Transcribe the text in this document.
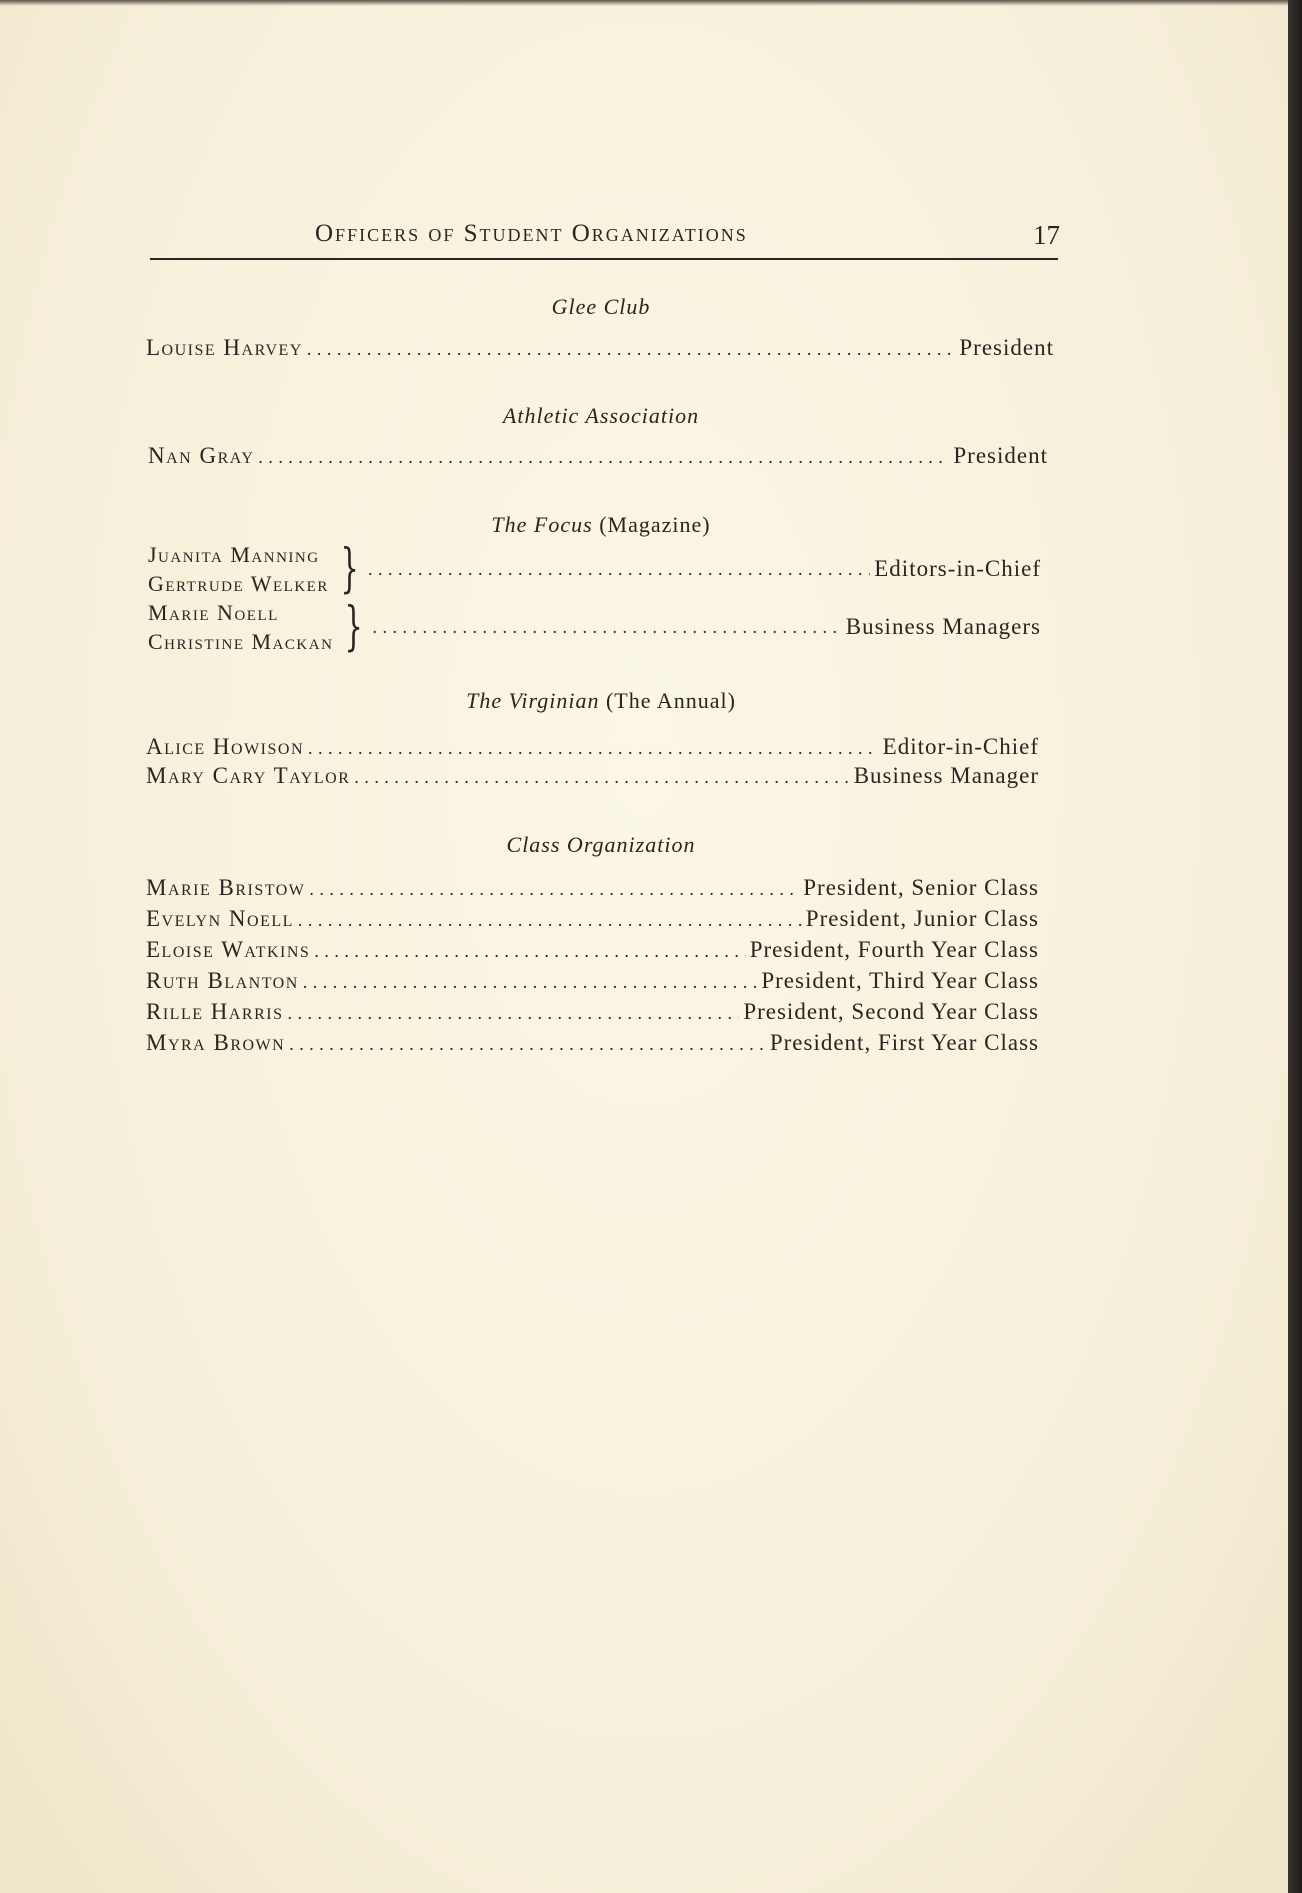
Officers of Student Organizations	17
Glee Club
Louise Harvey .....	President
Athletic Association
Nan Gray .....	President
The Focus (Magazine)
Juanita Manning
Gertrude Welker } .....	Editors-in-Chief
Marie Noell
Christine Mackan } .....	Business Managers
The Virginian (The Annual)
Alice Howison .....	Editor-in-Chief
Mary Cary Taylor .....	Business Manager
Class Organization
Marie Bristow .....	President, Senior Class
Evelyn Noell .....	President, Junior Class
Eloise Watkins .....	President, Fourth Year Class
Ruth Blanton .....	President, Third Year Class
Rille Harris .....	President, Second Year Class
Myra Brown .....	President, First Year Class
